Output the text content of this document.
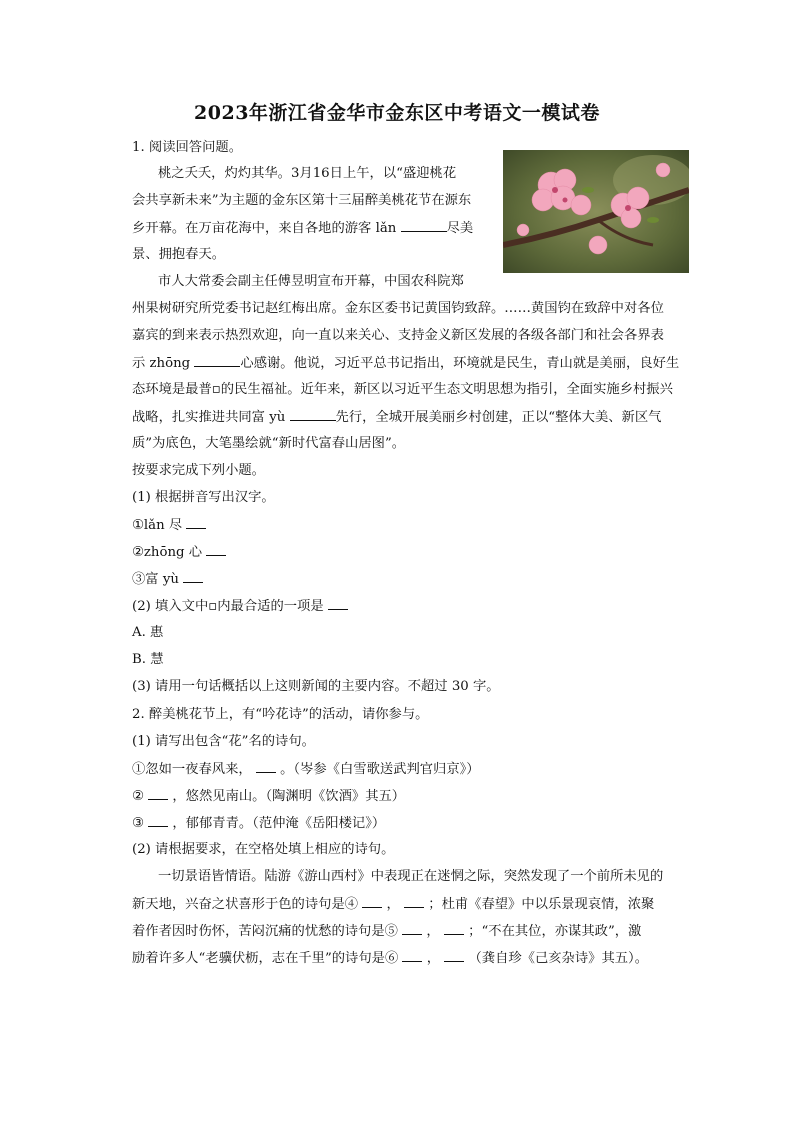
2023年浙江省金华市金东区中考语文一模试卷
1. 阅读回答问题。
桃之夭夭，灼灼其华。3月16日上午，以“盛迎桃花
会共享新未来”为主题的金东区第十三届醉美桃花节在源东
乡开幕。在万亩花海中，来自各地的游客 lǎn	尽美
景、拥抱春天。
市人大常委会副主任傅昱明宣布开幕，中国农科院郑
州果树研究所党委书记赵红梅出席。金东区委书记黄国钧致辞。……黄国钧在致辞中对各位
嘉宾的到来表示热烈欢迎，向一直以来关心、支持金义新区发展的各级各部门和社会各界表
示 zhōng	心感谢。他说，习近平总书记指出，环境就是民生，青山就是美丽，良好生
态环境是最普▫的民生福祉。近年来，新区以习近平生态文明思想为指引，全面实施乡村振兴
战略，扎实推进共同富 yù	先行，全城开展美丽乡村创建，正以“整体大美、新区气
质”为底色，大笔墨绘就“新时代富春山居图”。
按要求完成下列小题。
(1) 根据拼音写出汉字。
①lǎn 尽
②zhōng 心
③富 yù
(2) 填入文中▫内最合适的一项是
A. 惠
B. 慧
(3) 请用一句话概括以上这则新闻的主要内容。不超过 30 字。
2. 醉美桃花节上，有“吟花诗”的活动，请你参与。
(1) 请写出包含“花”名的诗句。
①忽如一夜春风来， 。（岑参《白雪歌送武判官归京》）
② ，悠然见南山。（陶渊明《饮酒》其五）
③ ，郁郁青青。（范仲淹《岳阳楼记》）
(2) 请根据要求，在空格处填上相应的诗句。
一切景语皆情语。陆游《游山西村》中表现正在迷惘之际，突然发现了一个前所未见的
新天地，兴奋之状喜形于色的诗句是④  ，  ；杜甫《春望》中以乐景现哀情，浓聚
着作者因时伤怀，苦闷沉痛的忧愁的诗句是⑤  ，  ；“不在其位，亦谋其政”，激
励着许多人“老骥伏枥，志在千里”的诗句是⑥  ，  （龚自珍《己亥杂诗》其五）。
